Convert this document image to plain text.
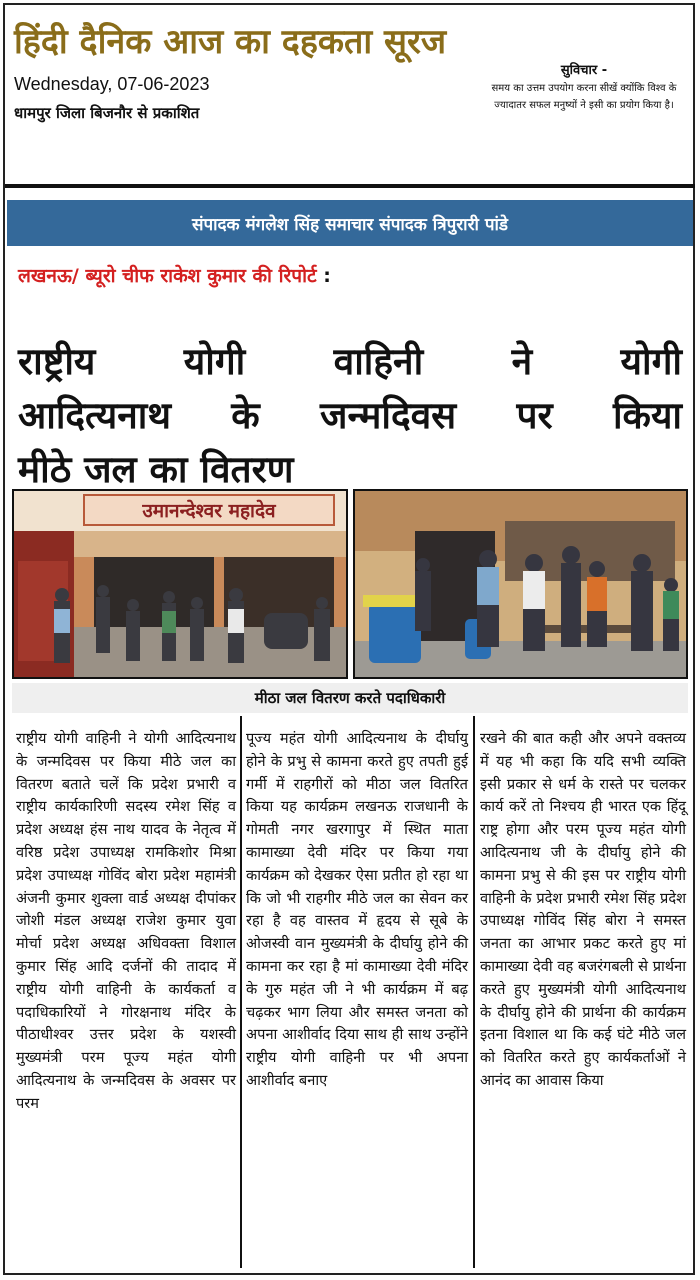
हिंदी दैनिक आज का दहकता सूरज
Wednesday, 07-06-2023
धामपुर जिला बिजनौर से प्रकाशित
सुविचार -
समय का उत्तम उपयोग करना सीखें क्योंकि विश्व के ज्यादातर सफल मनुष्यों ने इसी का प्रयोग किया है।
संपादक मंगलेश सिंह समाचार संपादक त्रिपुरारी पांडे
लखनऊ/ ब्यूरो चीफ राकेश कुमार की रिपोर्ट :
राष्ट्रीय योगी वाहिनी ने योगी
आदित्यनाथ के जन्मदिवस पर किया
मीठे जल का वितरण
उमानन्देश्वर महादेव
मीठा जल वितरण करते पदाधिकारी
राष्ट्रीय योगी वाहिनी ने योगी आदित्यनाथ के जन्मदिवस पर किया मीठे जल का वितरण बताते चलें कि प्रदेश प्रभारी व राष्ट्रीय कार्यकारिणी सदस्य रमेश सिंह व प्रदेश अध्यक्ष हंस नाथ यादव के नेतृत्व में वरिष्ठ प्रदेश उपाध्यक्ष रामकिशोर मिश्रा प्रदेश उपाध्यक्ष गोविंद बोरा प्रदेश महामंत्री अंजनी कुमार शुक्ला वार्ड अध्यक्ष दीपांकर जोशी मंडल अध्यक्ष राजेश कुमार युवा मोर्चा प्रदेश अध्यक्ष अधिवक्ता विशाल कुमार सिंह आदि दर्जनों की तादाद में राष्ट्रीय योगी वाहिनी के कार्यकर्ता व पदाधिकारियों ने गोरक्षनाथ मंदिर के पीठाधीश्वर उत्तर प्रदेश के यशस्वी मुख्यमंत्री परम पूज्य महंत योगी आदित्यनाथ के जन्मदिवस के अवसर पर परम
पूज्य महंत योगी आदित्यनाथ के दीर्घायु होने के प्रभु से कामना करते हुए तपती हुई गर्मी में राहगीरों को मीठा जल वितरित किया यह कार्यक्रम लखनऊ राजधानी के गोमती नगर खरगापुर में स्थित माता कामाख्या देवी मंदिर पर किया गया कार्यक्रम को देखकर ऐसा प्रतीत हो रहा था कि जो भी राहगीर मीठे जल का सेवन कर रहा है वह वास्तव में हृदय से सूबे के ओजस्वी वान मुख्यमंत्री के दीर्घायु होने की कामना कर रहा है मां कामाख्या देवी मंदिर के गुरु महंत जी ने भी कार्यक्रम में बढ़ चढ़कर भाग लिया और समस्त जनता को अपना आशीर्वाद दिया साथ ही साथ उन्होंने राष्ट्रीय योगी वाहिनी पर भी अपना आशीर्वाद बनाए
रखने की बात कही और अपने वक्तव्य में यह भी कहा कि यदि सभी व्यक्ति इसी प्रकार से धर्म के रास्ते पर चलकर कार्य करें तो निश्चय ही भारत एक हिंदू राष्ट्र होगा और परम पूज्य महंत योगी आदित्यनाथ जी के दीर्घायु होने की कामना प्रभु से की इस पर राष्ट्रीय योगी वाहिनी के प्रदेश प्रभारी रमेश सिंह प्रदेश उपाध्यक्ष गोविंद सिंह बोरा ने समस्त जनता का आभार प्रकट करते हुए मां कामाख्या देवी वह बजरंगबली से प्रार्थना करते हुए मुख्यमंत्री योगी आदित्यनाथ के दीर्घायु होने की प्रार्थना की कार्यक्रम इतना विशाल था कि कई घंटे मीठे जल को वितरित करते हुए कार्यकर्ताओं ने आनंद का आवास किया
